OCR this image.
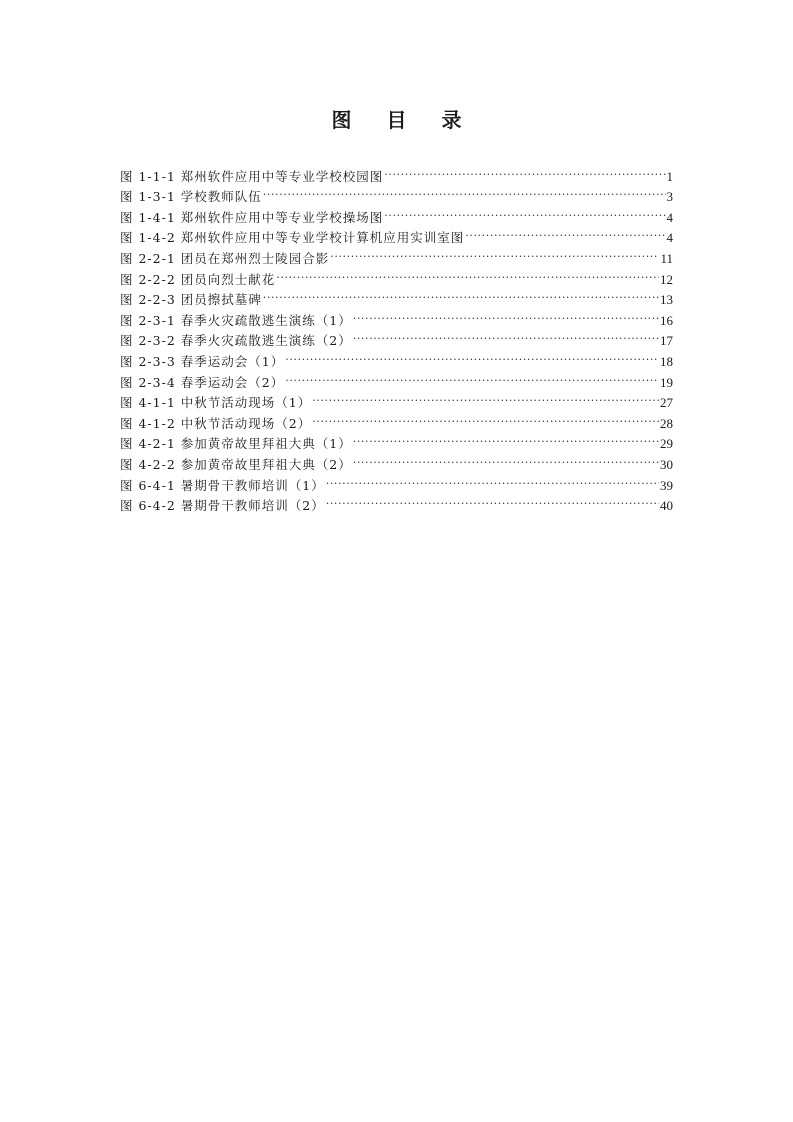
图 目 录
图 1-1-1 郑州软件应用中等专业学校校园图 .....	1
图 1-3-1 学校教师队伍 .....	3
图 1-4-1 郑州软件应用中等专业学校操场图 .....	4
图 1-4-2 郑州软件应用中等专业学校计算机应用实训室图 .....	4
图 2-2-1 团员在郑州烈士陵园合影 .....	11
图 2-2-2 团员向烈士献花 .....	12
图 2-2-3 团员擦拭墓碑 .....	13
图 2-3-1 春季火灾疏散逃生演练（1） .....	16
图 2-3-2 春季火灾疏散逃生演练（2） .....	17
图 2-3-3 春季运动会（1） .....	18
图 2-3-4 春季运动会（2） .....	19
图 4-1-1 中秋节活动现场（1） .....	27
图 4-1-2 中秋节活动现场（2） .....	28
图 4-2-1 参加黄帝故里拜祖大典（1） .....	29
图 4-2-2 参加黄帝故里拜祖大典（2） .....	30
图 6-4-1 暑期骨干教师培训（1） .....	39
图 6-4-2 暑期骨干教师培训（2） .....	40
